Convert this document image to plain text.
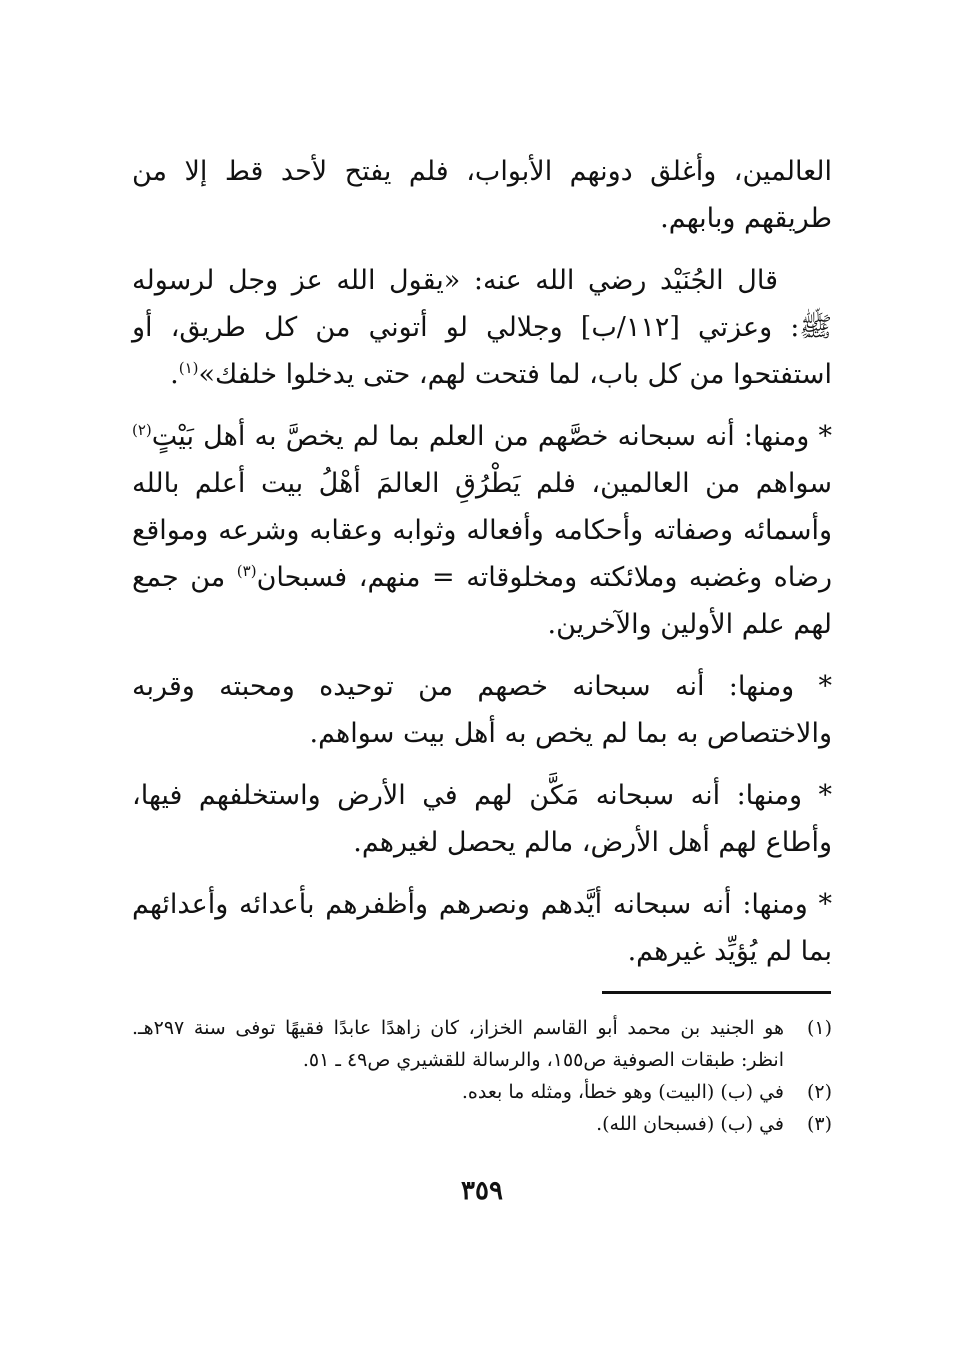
العالمين، وأغلق دونهم الأبواب، فلم يفتح لأحد قط إلا من طريقهم وبابهم.

قال الجُنَيْد رضي الله عنه: «يقول الله عز وجل لرسوله ﷺ: وعزتي [١١٢/ب] وجلالي لو أتوني من كل طريق، أو استفتحوا من كل باب، لما فتحت لهم، حتى يدخلوا خلفك»$^{(١)}$.

* ومنها: أنه سبحانه خصَّهم من العلم بما لم يخصَّ به أهل بَيْتٍ$^{(٢)}$ سواهم من العالمين، فلم يَطْرُقِ العالمَ أهْلُ بيت أعلم بالله وأسمائه وصفاته وأحكامه وأفعاله وثوابه وعقابه وشرعه ومواقع رضاه وغضبه وملائكته ومخلوقاته = منهم، فسبحان$^{(٣)}$ من جمع لهم علم الأولين والآخرين.

* ومنها: أنه سبحانه خصهم من توحيده ومحبته وقربه والاختصاص به بما لم يخص به أهل بيت سواهم.

* ومنها: أنه سبحانه مَكَّن لهم في الأرض واستخلفهم فيها، وأطاع لهم أهل الأرض، مالم يحصل لغيرهم.

* ومنها: أنه سبحانه أيَّدهم ونصرهم وأظفرهم بأعدائه وأعدائهم بما لم يُؤيِّد غيرهم.

(١)
هو الجنيد بن محمد أبو القاسم الخزاز، كان زاهدًا عابدًا فقيهًا توفى سنة ٢٩٧هـ. انظر: طبقات الصوفية ص١٥٥، والرسالة للقشيري ص٤٩ ـ ٥١.
(٢)
في (ب) (البيت) وهو خطأ، ومثله ما بعده.
(٣)
في (ب) (فسبحان الله).
٣٥٩
